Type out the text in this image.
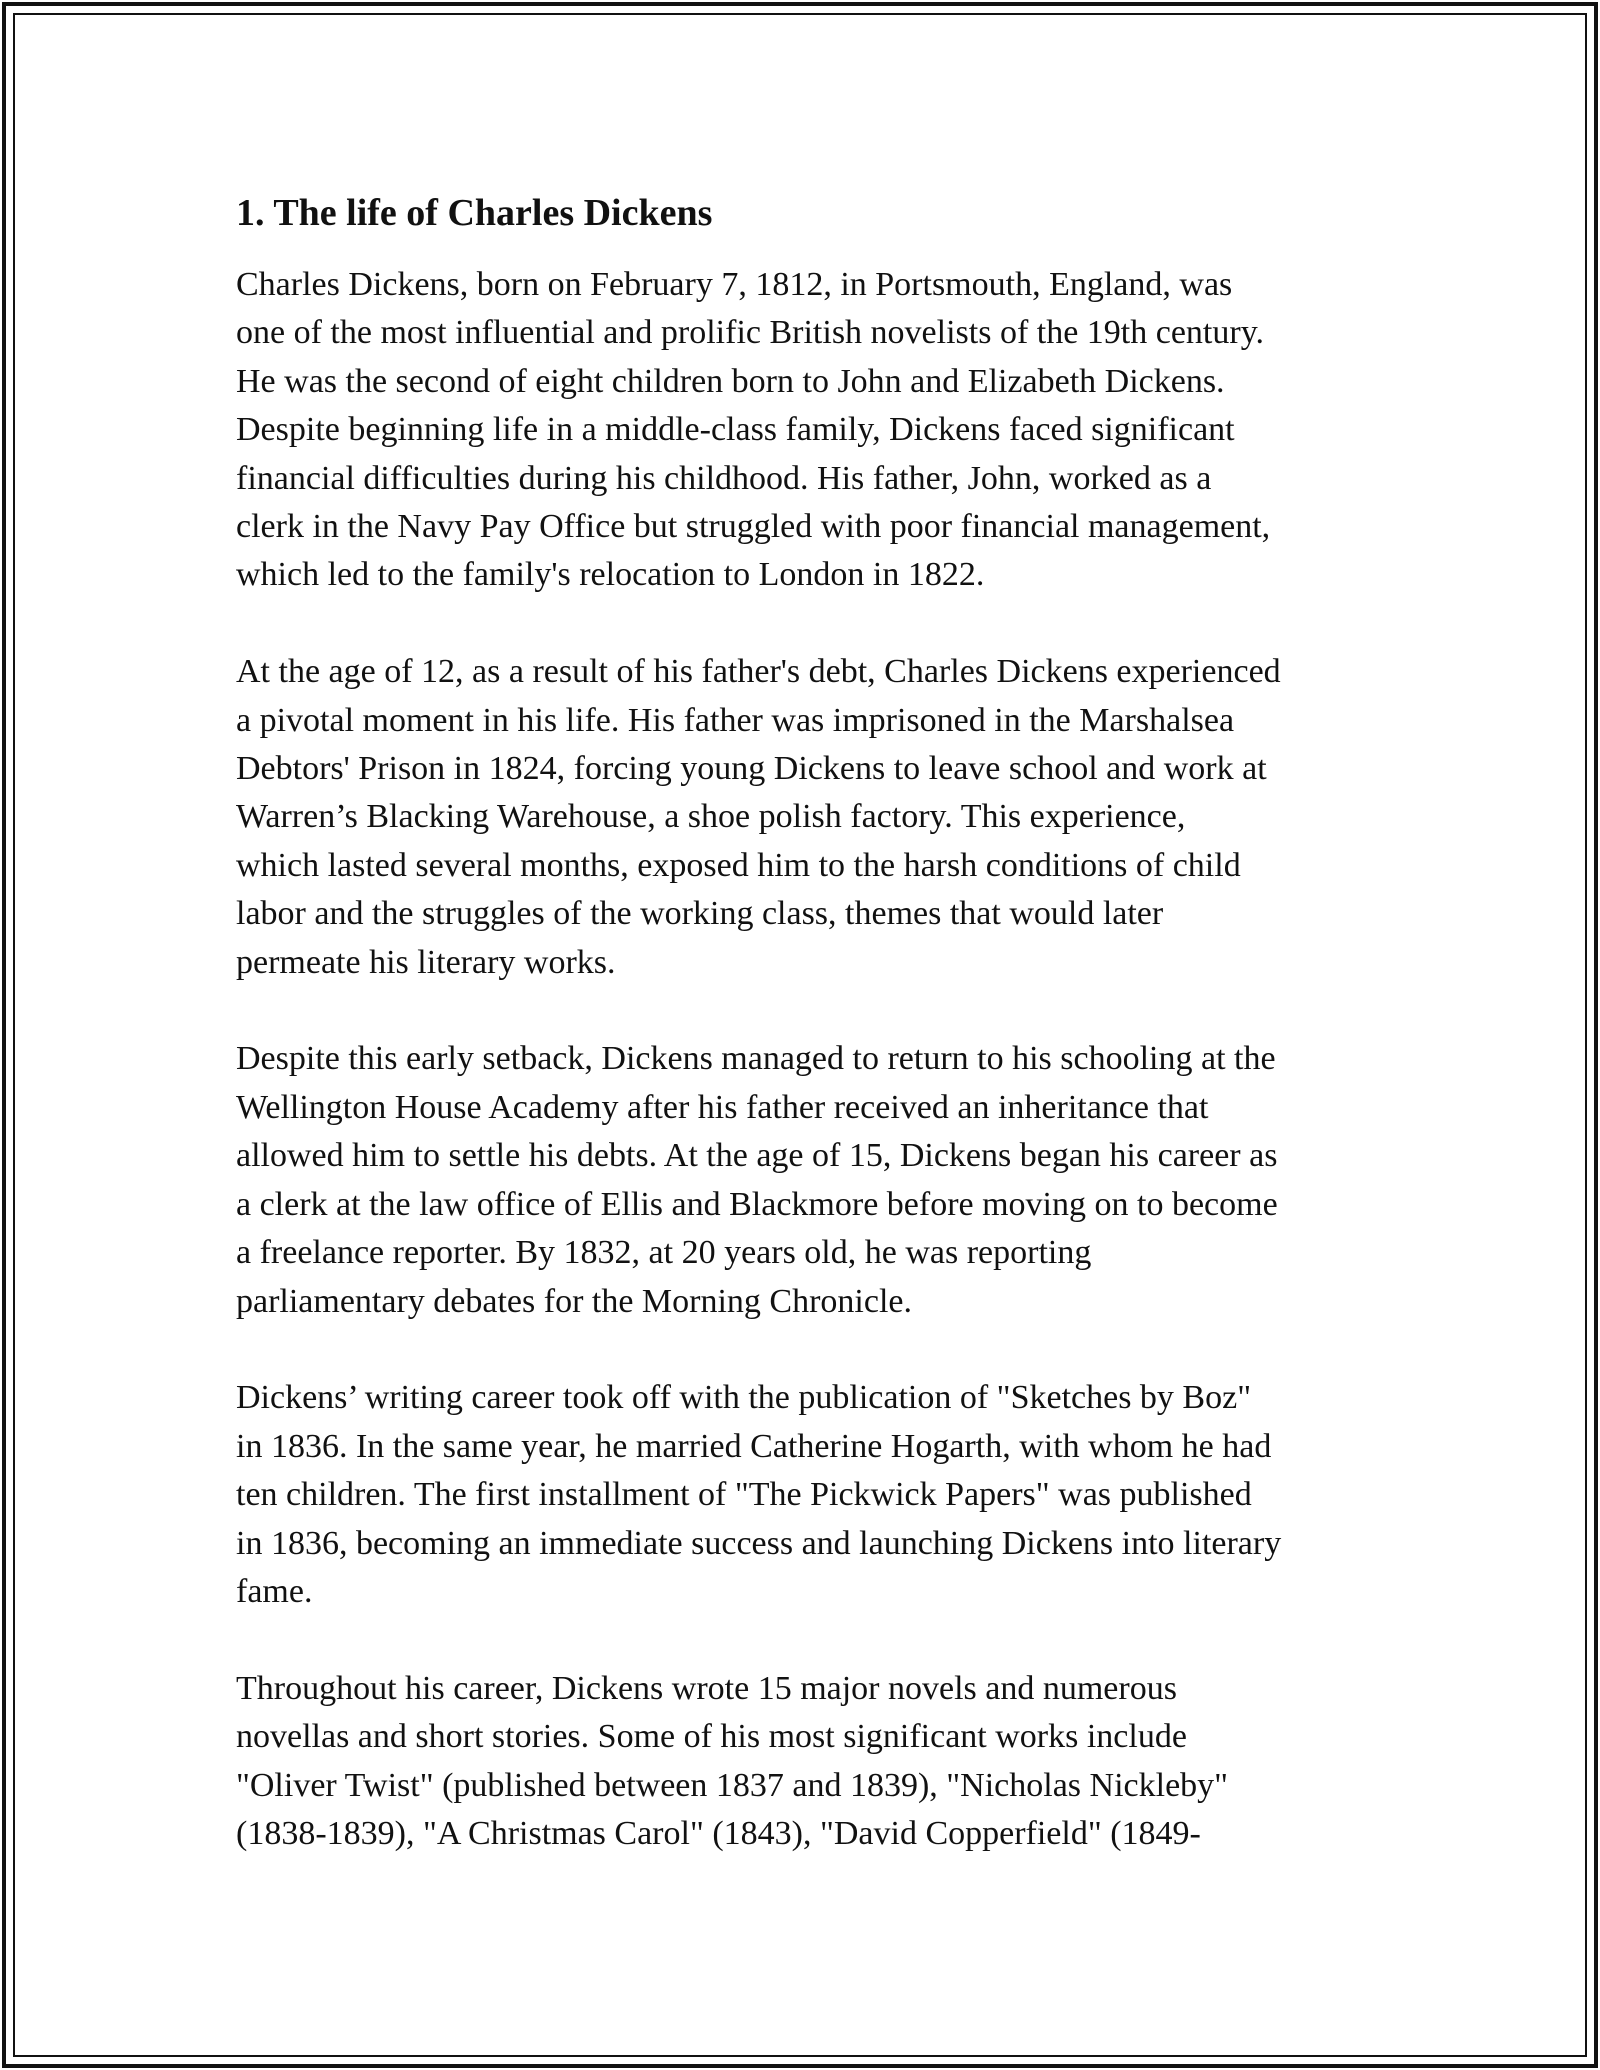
1. The life of Charles Dickens

Charles Dickens, born on February 7, 1812, in Portsmouth, England, was
one of the most influential and prolific British novelists of the 19th century.
He was the second of eight children born to John and Elizabeth Dickens.
Despite beginning life in a middle-class family, Dickens faced significant
financial difficulties during his childhood. His father, John, worked as a
clerk in the Navy Pay Office but struggled with poor financial management,
which led to the family's relocation to London in 1822.

At the age of 12, as a result of his father's debt, Charles Dickens experienced
a pivotal moment in his life. His father was imprisoned in the Marshalsea
Debtors' Prison in 1824, forcing young Dickens to leave school and work at
Warren’s Blacking Warehouse, a shoe polish factory. This experience,
which lasted several months, exposed him to the harsh conditions of child
labor and the struggles of the working class, themes that would later
permeate his literary works.

Despite this early setback, Dickens managed to return to his schooling at the
Wellington House Academy after his father received an inheritance that
allowed him to settle his debts. At the age of 15, Dickens began his career as
a clerk at the law office of Ellis and Blackmore before moving on to become
a freelance reporter. By 1832, at 20 years old, he was reporting
parliamentary debates for the Morning Chronicle.

Dickens’ writing career took off with the publication of "Sketches by Boz"
in 1836. In the same year, he married Catherine Hogarth, with whom he had
ten children. The first installment of "The Pickwick Papers" was published
in 1836, becoming an immediate success and launching Dickens into literary
fame.

Throughout his career, Dickens wrote 15 major novels and numerous
novellas and short stories. Some of his most significant works include
"Oliver Twist" (published between 1837 and 1839), "Nicholas Nickleby"
(1838-1839), "A Christmas Carol" (1843), "David Copperfield" (1849-
